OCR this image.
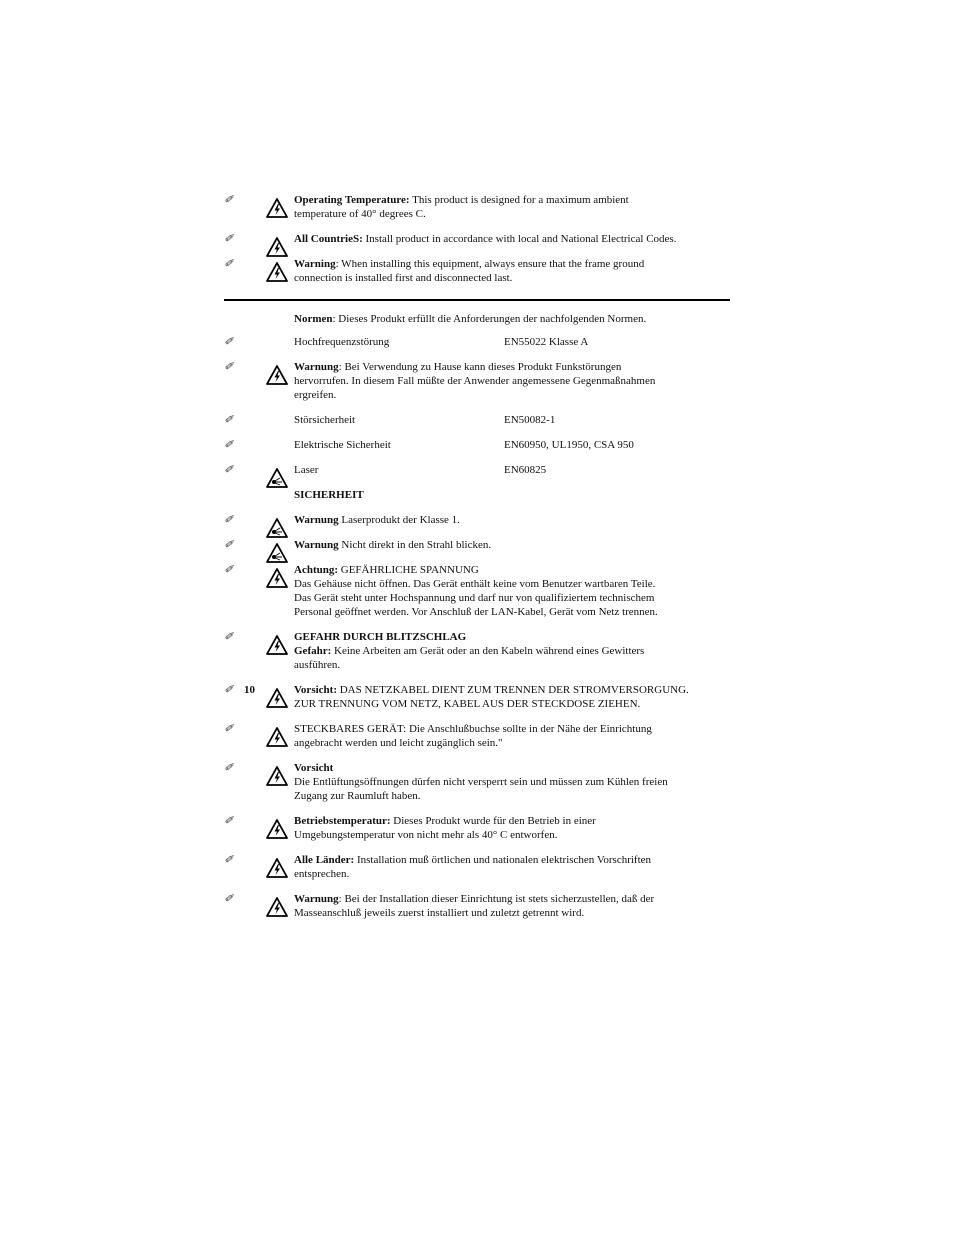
✐	Operating Temperature: This product is designed for a maximum ambient
temperature of 40° degrees C.
✐	All CountrieS: Install product in accordance with local and National Electrical Codes.
✐	Warning: When installing this equipment, always ensure that the frame ground
connection is installed first and disconnected last.
Normen: Dieses Produkt erfüllt die Anforderungen der nachfolgenden Normen.
✐	Hochfrequenzstörung	EN55022 Klasse A
✐	Warnung: Bei Verwendung zu Hause kann dieses Produkt Funkstörungen
hervorrufen. In diesem Fall müßte der Anwender angemessene Gegenmaßnahmen
ergreifen.
✐	Störsicherheit	EN50082-1
✐	Elektrische Sicherheit	EN60950, UL1950, CSA 950
✐	Laser	EN60825
SICHERHEIT
✐	Warnung Laserprodukt der Klasse 1.
✐	Warnung Nicht direkt in den Strahl blicken.
✐	Achtung: GEFÄHRLICHE SPANNUNG
Das Gehäuse nicht öffnen. Das Gerät enthält keine vom Benutzer wartbaren Teile.
Das Gerät steht unter Hochspannung und darf nur von qualifiziertem technischem
Personal geöffnet werden. Vor Anschluß der LAN-Kabel, Gerät vom Netz trennen.
✐	GEFAHR DURCH BLITZSCHLAG
Gefahr: Keine Arbeiten am Gerät oder an den Kabeln während eines Gewitters
ausführen.
✐ 10	Vorsicht: DAS NETZKABEL DIENT ZUM TRENNEN DER STROMVERSORGUNG.
ZUR TRENNUNG VOM NETZ, KABEL AUS DER STECKDOSE ZIEHEN.
✐	STECKBARES GERÄT: Die Anschlußbuchse sollte in der Nähe der Einrichtung
angebracht werden und leicht zugänglich sein."
✐	Vorsicht
Die Entlüftungsöffnungen dürfen nicht versperrt sein und müssen zum Kühlen freien
Zugang zur Raumluft haben.
✐	Betriebstemperatur: Dieses Produkt wurde für den Betrieb in einer
Umgebungstemperatur von nicht mehr als 40° C entworfen.
✐	Alle Länder: Installation muß örtlichen und nationalen elektrischen Vorschriften
entsprechen.
✐	Warnung: Bei der Installation dieser Einrichtung ist stets sicherzustellen, daß der
Masseanschluß jeweils zuerst installiert und zuletzt getrennt wird.
